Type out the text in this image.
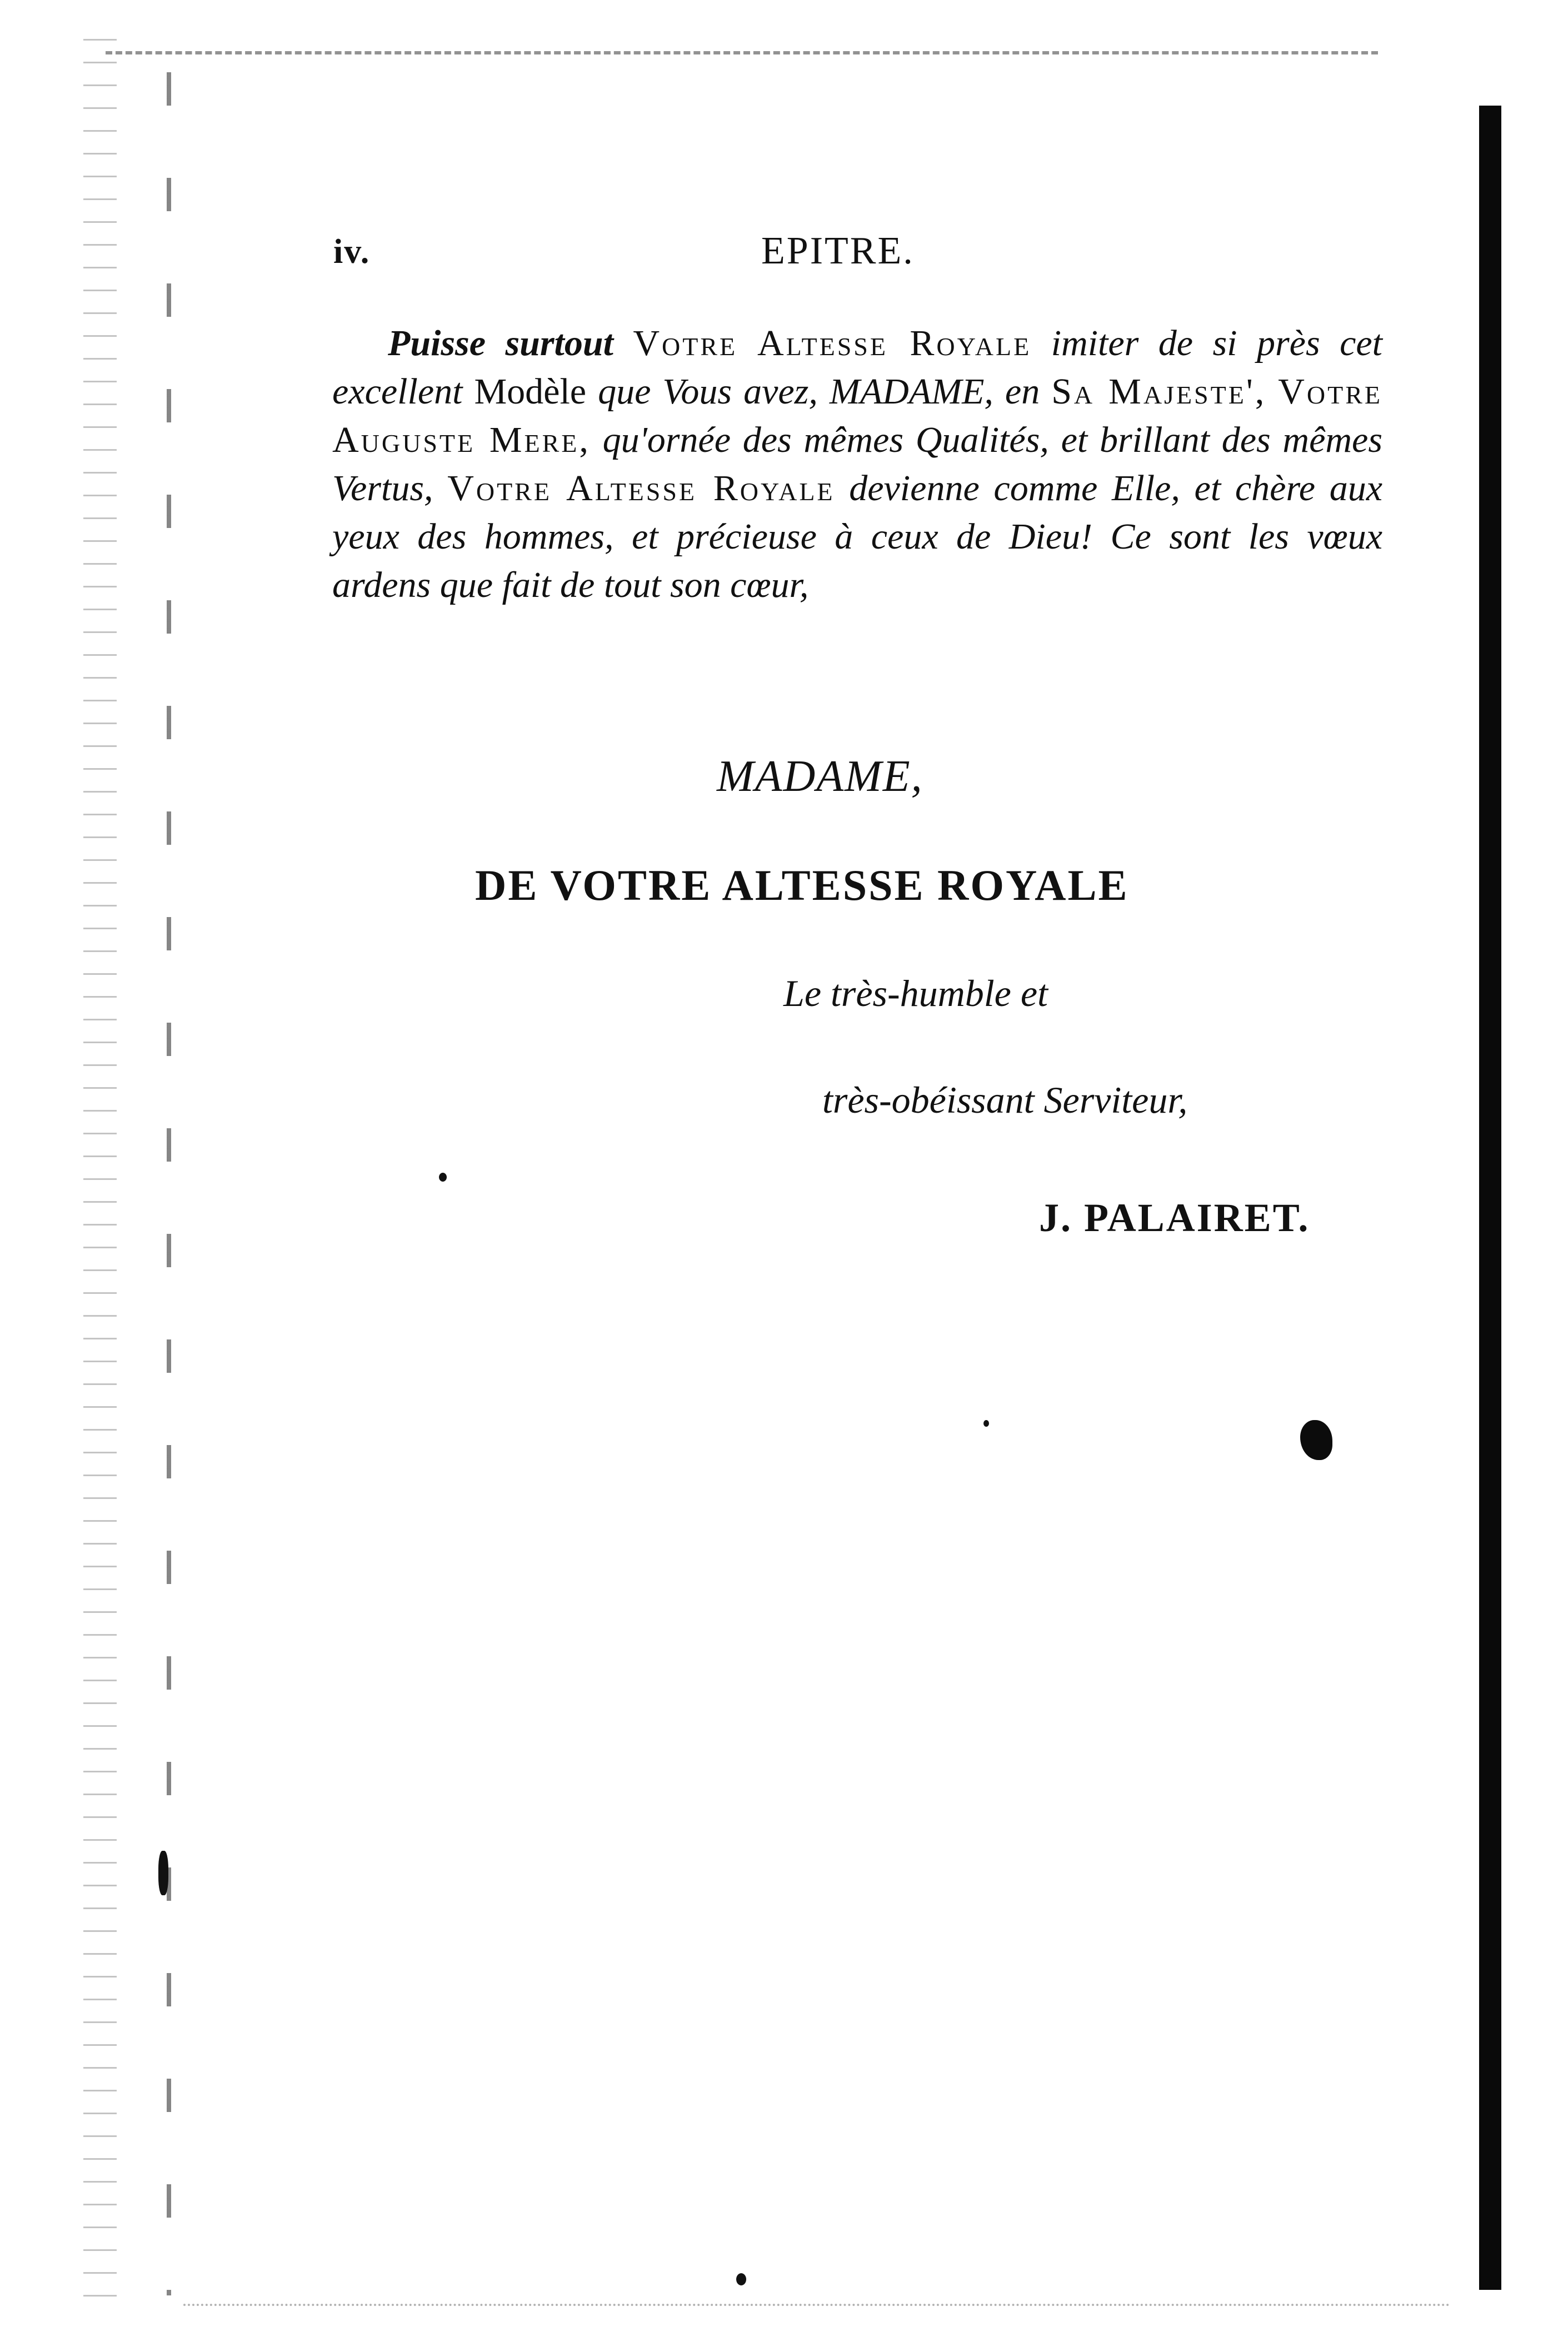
iv.	EPITRE.

Puisse surtout Votre Altesse Royale imiter de si près cet excellent Modèle que Vous avez, MADAME, en Sa Majeste', Votre Auguste Mere, qu'ornée des mêmes Qualités, et brillant des mêmes Vertus, Votre Altesse Royale devienne comme Elle, et chère aux yeux des hommes, et précieuse à ceux de Dieu! Ce sont les vœux ardens que fait de tout son cœur,

MADAME,
DE VOTRE ALTESSE ROYALE
Le très-humble et
très-obéissant Serviteur,
J. PALAIRET.
